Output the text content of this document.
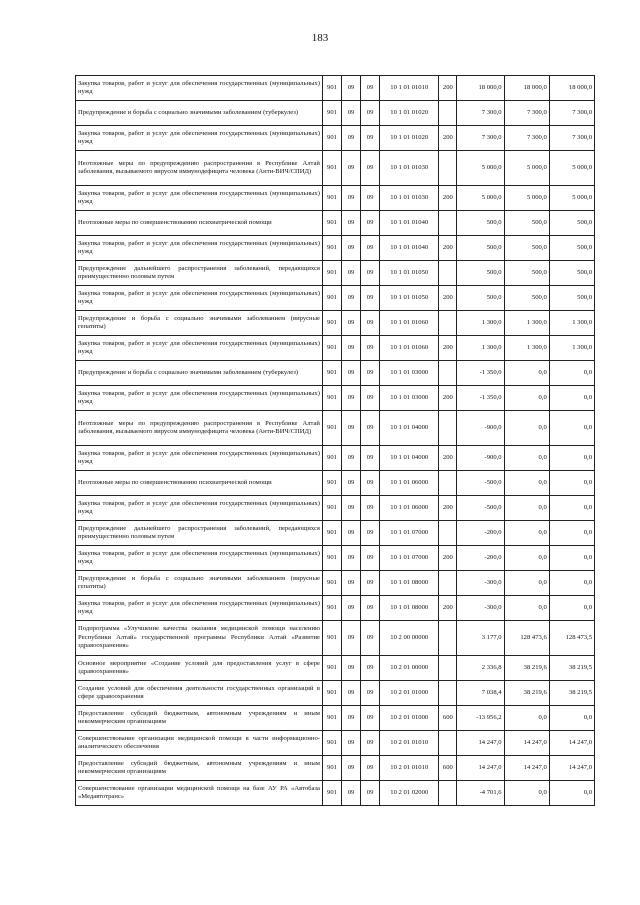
183
Закупка товаров, работ и услуг для обеспечения государственных (муниципальных) нужд	901	09	09	10 1 01 01010	200	18 000,0	18 000,0	18 000,0
Предупреждение и борьба с социально значимыми заболеванием (туберкулез)	901	09	09	10 1 01 01020		7 300,0	7 300,0	7 300,0
Закупка товаров, работ и услуг для обеспечения государственных (муниципальных) нужд	901	09	09	10 1 01 01020	200	7 300,0	7 300,0	7 300,0
Неотложные меры по предупреждению распространения в Республике Алтай заболевания, вызываемого вирусом иммунодефицита человека (Анти-ВИЧ/СПИД)	901	09	09	10 1 01 01030		5 000,0	5 000,0	5 000,0
Закупка товаров, работ и услуг для обеспечения государственных (муниципальных) нужд	901	09	09	10 1 01 01030	200	5 000,0	5 000,0	5 000,0
Неотложные меры по совершенствованию психиатрической помощи	901	09	09	10 1 01 01040		500,0	500,0	500,0
Закупка товаров, работ и услуг для обеспечения государственных (муниципальных) нужд	901	09	09	10 1 01 01040	200	500,0	500,0	500,0
Предупреждение дальнейшего распространения заболеваний, передающихся преимущественно половым путем	901	09	09	10 1 01 01050		500,0	500,0	500,0
Закупка товаров, работ и услуг для обеспечения государственных (муниципальных) нужд	901	09	09	10 1 01 01050	200	500,0	500,0	500,0
Предупреждение и борьба с социально значимыми заболеванием (вирусные гепатиты)	901	09	09	10 1 01 01060		1 300,0	1 300,0	1 300,0
Закупка товаров, работ и услуг для обеспечения государственных (муниципальных) нужд	901	09	09	10 1 01 01060	200	1 300,0	1 300,0	1 300,0
Предупреждение и борьба с социально значимыми заболеванием (туберкулез)	901	09	09	10 1 01 03000		-1 350,0	0,0	0,0
Закупка товаров, работ и услуг для обеспечения государственных (муниципальных) нужд	901	09	09	10 1 01 03000	200	-1 350,0	0,0	0,0
Неотложные меры по предупреждению распространения в Республике Алтай заболевания, вызываемого вирусом иммунодефицита человека (Анти-ВИЧ/СПИД)	901	09	09	10 1 01 04000		-900,0	0,0	0,0
Закупка товаров, работ и услуг для обеспечения государственных (муниципальных) нужд	901	09	09	10 1 01 04000	200	-900,0	0,0	0,0
Неотложные меры по совершенствованию психиатрической помощи	901	09	09	10 1 01 06000		-500,0	0,0	0,0
Закупка товаров, работ и услуг для обеспечения государственных (муниципальных) нужд	901	09	09	10 1 01 06000	200	-500,0	0,0	0,0
Предупреждение дальнейшего распространения заболеваний, передающихся преимущественно половым путем	901	09	09	10 1 01 07000		-200,0	0,0	0,0
Закупка товаров, работ и услуг для обеспечения государственных (муниципальных) нужд	901	09	09	10 1 01 07000	200	-200,0	0,0	0,0
Предупреждение и борьба с социально значимыми заболеванием (вирусные гепатиты)	901	09	09	10 1 01 08000		-300,0	0,0	0,0
Закупка товаров, работ и услуг для обеспечения государственных (муниципальных) нужд	901	09	09	10 1 01 08000	200	-300,0	0,0	0,0
Подпрограмма «Улучшение качества оказания медицинской помощи населению Республики Алтай» государственной программы Республики Алтай «Развитие здравоохранения»	901	09	09	10 2 00 00000		3 177,0	128 473,6	128 473,5
Основное мероприятие «Создание условий для предоставления услуг в сфере здравоохранения»	901	09	09	10 2 01 00000		2 336,8	38 219,6	38 219,5
Создание условий для обеспечения деятельности государственных организаций в сфере здравоохранения	901	09	09	10 2 01 01000		7 038,4	38 219,6	38 219,5
Предоставление субсидий бюджетным, автономным учреждениям и иным некоммерческим организациям	901	09	09	10 2 01 01000	600	-13 956,2	0,0	0,0
Совершенствование организации медицинской помощи в части информационно-аналитического обеспечения	901	09	09	10 2 01 01010		14 247,0	14 247,0	14 247,0
Предоставление субсидий бюджетным, автономным учреждениям и иным некоммерческим организациям	901	09	09	10 2 01 01010	600	14 247,0	14 247,0	14 247,0
Совершенствование организации медицинской помощи на базе АУ РА «Автобаза «Медавтотранс»	901	09	09	10 2 01 02000		-4 701,6	0,0	0,0
